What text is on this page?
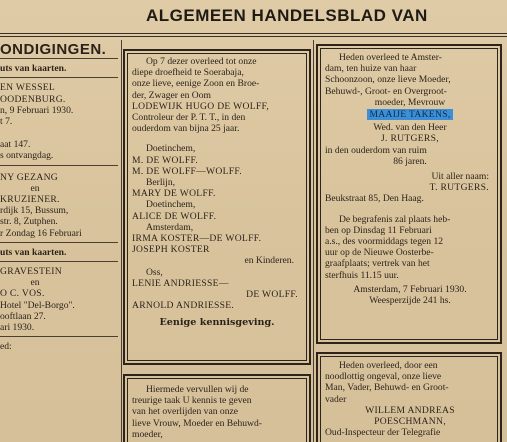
ALGEMEEN HANDELSBLAD VAN
ONDIGINGEN.
uts van kaarten.
EN WESSEL
OODENBURG.
n, 9 Februari 1930.
t 7.
aat 147.
s ontvangdag.
NY GEZANG
en
KRUZIENER.
rdijk 15, Bussum,
str. 8, Zutphen.
r Zondag 16 Februari
uts van kaarten.
GRAVESTEIN
en
O C. VOS.
Hotel "Del-Borgo".
ooftlaan 27.
ari 1930.
ed:
Op 7 dezer overleed tot onze
diepe droefheid te Soerabaja,
onze lieve, eenige Zoon en Broe-
der, Zwager en Oom
LODEWIJK HUGO DE WOLFF,
Controleur der P. T. T., in den
ouderdom van bijna 25 jaar.
Doetinchem,
M. DE WOLFF.
M. DE WOLFF—WOLFF.
Berlijn,
MARY DE WOLFF.
Doetinchem,
ALICE DE WOLFF.
Amsterdam,
IRMA KOSTER—DE WOLFF.
JOSEPH KOSTER
en Kinderen.
Oss,
LENIE ANDRIESSE—
DE WOLFF.
ARNOLD ANDRIESSE.
Eenige kennisgeving.
Hiermede vervullen wij de
treurige taak U kennis te geven
van het overlijden van onze
lieve Vrouw, Moeder en Behuwd-
moeder,
Heden overleed te Amster-
dam, ten huize van haar
Schoonzoon, onze lieve Moeder,
Behuwd-, Groot- en Overgroot-
moeder, Mevrouw
MAAIJE TAKENS,
Wed. van den Heer
J. RUTGERS,
in den ouderdom van ruim
86 jaren.
Uit aller naam:
T. RUTGERS.
Beukstraat 85, Den Haag.
De begrafenis zal plaats heb-
ben op Dinsdag 11 Februari
a.s., des voormiddags tegen 12
uur op de Nieuwe Oosterbe-
graafplaats; vertrek van het
sterfhuis 11.15 uur.
Amsterdam, 7 Februari 1930.
Weesperzijde 241 hs.
Heden overleed, door een
noodlottig ongeval, onze lieve
Man, Vader, Behuwd- en Groot-
vader
WILLEM ANDREAS
POESCHMANN,
Oud-Inspecteur der Telegrafie
